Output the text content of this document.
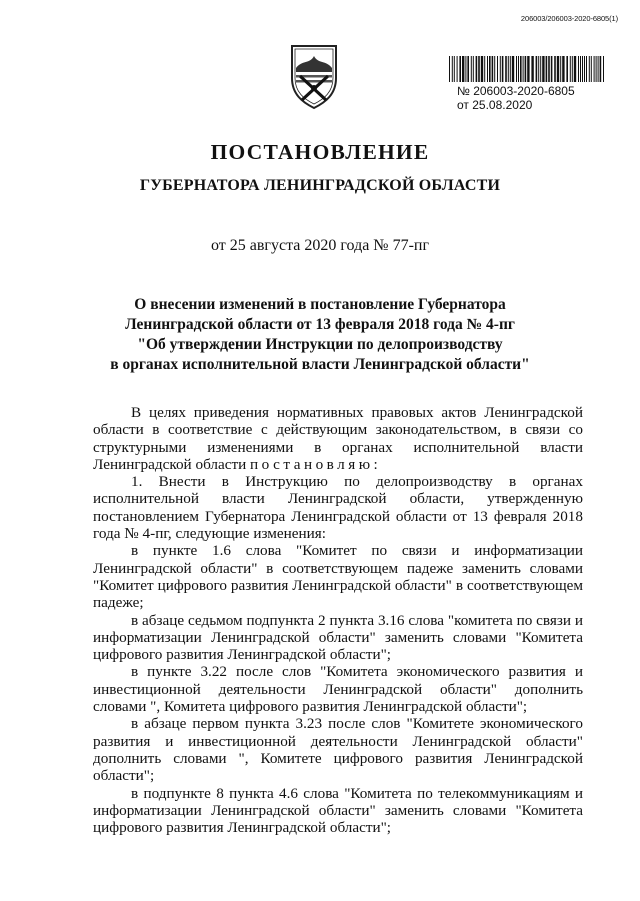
206003/206003-2020-6805(1)
№ 206003-2020-6805
от 25.08.2020
ПОСТАНОВЛЕНИЕ
ГУБЕРНАТОРА ЛЕНИНГРАДСКОЙ ОБЛАСТИ
от 25 августа 2020 года № 77-пг
О внесении изменений в постановление Губернатора
Ленинградской области от 13 февраля 2018 года № 4-пг
"Об утверждении Инструкции по делопроизводству
в органах исполнительной власти Ленинградской области"

В целях приведения нормативных правовых актов Ленинградской области в соответствие с действующим законодательством, в связи со структурными изменениями в органах исполнительной власти Ленинградской области постановляю:

1. Внести в Инструкцию по делопроизводству в органах исполнительной власти Ленинградской области, утвержденную постановлением Губернатора Ленинградской области от 13 февраля 2018 года № 4-пг, следующие изменения:

в пункте 1.6 слова "Комитет по связи и информатизации Ленинградской области" в соответствующем падеже заменить словами "Комитет цифрового развития Ленинградской области" в соответствующем падеже;

в абзаце седьмом подпункта 2 пункта 3.16 слова "комитета по связи и информатизации Ленинградской области" заменить словами "Комитета цифрового развития Ленинградской области";

в пункте 3.22 после слов "Комитета экономического развития и инвестиционной деятельности Ленинградской области" дополнить словами ", Комитета цифрового развития Ленинградской области";

в абзаце первом пункта 3.23 после слов "Комитете экономического развития и инвестиционной деятельности Ленинградской области" дополнить словами ", Комитете цифрового развития Ленинградской области";

в подпункте 8 пункта 4.6 слова "Комитета по телекоммуникациям и информатизации Ленинградской области" заменить словами "Комитета цифрового развития Ленинградской области";
